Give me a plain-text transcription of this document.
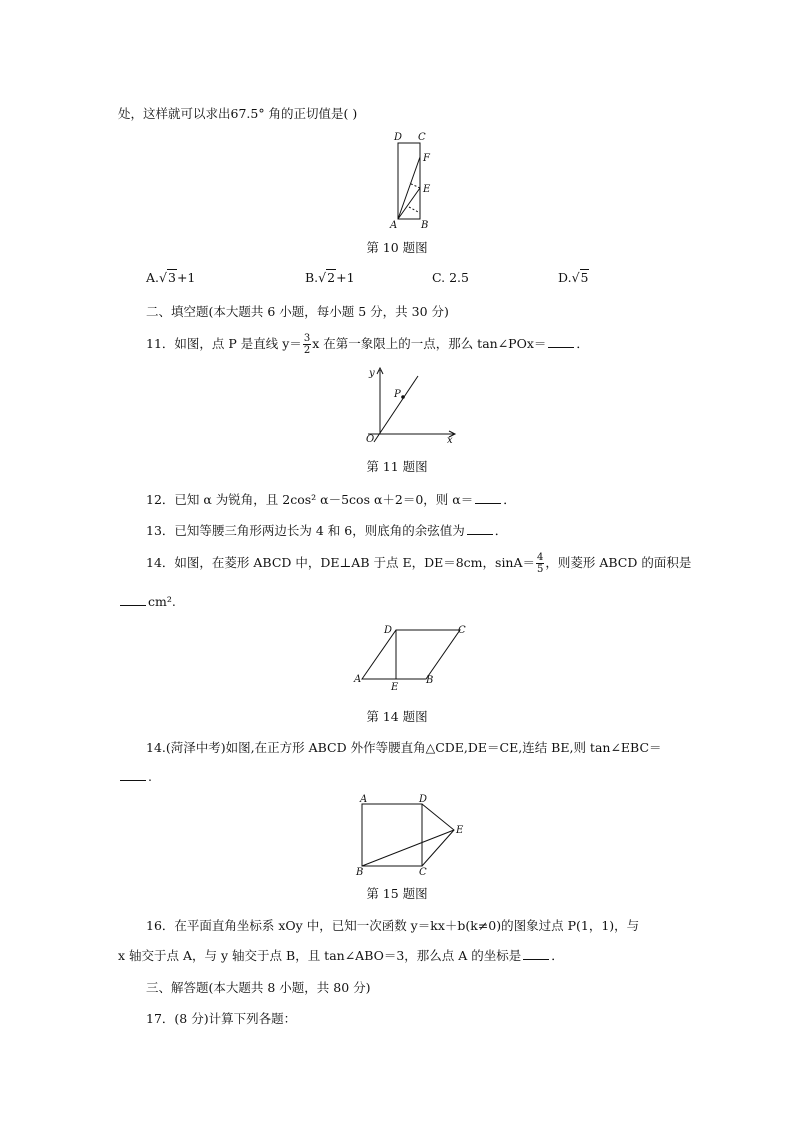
处，这样就可以求出67.5° 角的正切值是( )
D C
F
E
A B
第 10 题图
A.√3+1	B.√2+1	C. 2.5	D.√5
二、填空题(本大题共 6 小题，每小题 5 分，共 30 分)
11．如图，点 P 是直线 $y= \frac{3}{2}$ x 在第一象限上的一点，那么 tan∠POx＝ ．
y
x
O
P
第 11 题图
12．已知 α 为锐角，且 2cos² α－5cos α＋2＝0，则 α＝ ．
13．已知等腰三角形两边长为 4 和 6，则底角的余弦值为 ．
14．如图，在菱形 ABCD 中，DE⊥AB 于点 E，DE＝8cm，$\sin A= \frac{4}{5}$ ，则菱形 ABCD 的面积是
cm².
D	C
A
E
B
第 14 题图
14.(菏泽中考)如图,在正方形 ABCD 外作等腰直角△CDE,DE＝CE,连结 BE,则 tan∠EBC＝
.
A	D
E
B	C
第 15 题图
16．在平面直角坐标系 xOy 中，已知一次函数 y＝kx＋b(k≠0)的图象过点 P(1，1)，与
x 轴交于点 A，与 y 轴交于点 B，且 tan∠ABO＝3，那么点 A 的坐标是 ．
三、解答题(本大题共 8 小题，共 80 分)
17．(8 分)计算下列各题：
